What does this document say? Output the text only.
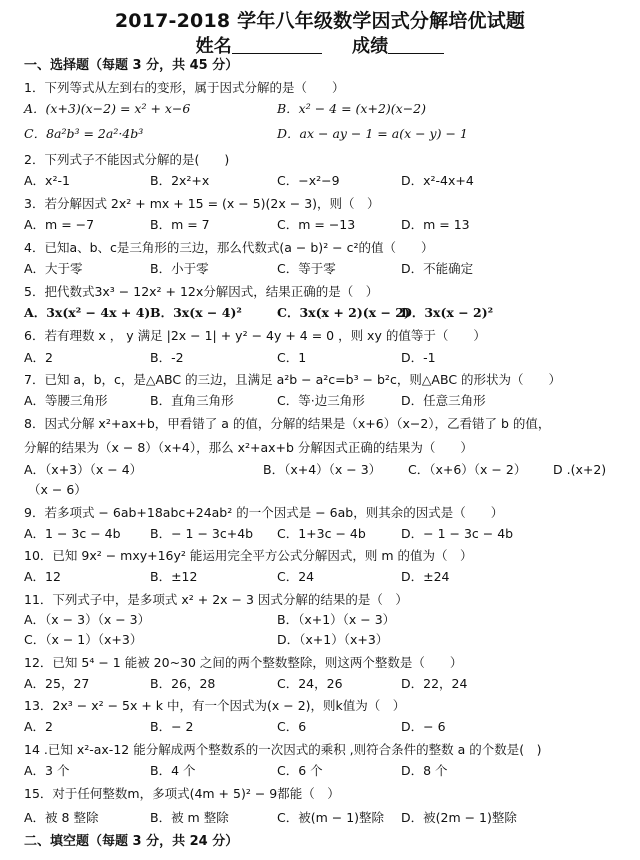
2017-2018 学年八年级数学因式分解培优试题
姓名	成绩
一、选择题（每题 3 分，共 45 分）
1．下列等式从左到右的变形，属于因式分解的是（　　）
A．(x+3)(x−2) = x² + x−6	B．x² − 4 = (x+2)(x−2)
C．8a²b³ = 2a²·4b³	D．ax − ay − 1 = a(x − y) − 1
2．下列式子不能因式分解的是(　　)
A．x²-1	B．2x²+x	C．−x²−9	D．x²-4x+4
3．若分解因式 2x² + mx + 15 = (x − 5)(2x − 3)，则（　）
A．m = −7	B．m = 7	C．m = −13	D．m = 13
4．已知a、b、c是三角形的三边，那么代数式(a − b)² − c²的值（　　）
A．大于零	B．小于零	C．等于零	D．不能确定
5．把代数式3x³ − 12x² + 12x分解因式，结果正确的是（　）
A．3x(x² − 4x + 4) B．3x(x − 4)²	C．3x(x + 2)(x − 2)
D．3x(x − 2)²
6．若有理数 x ， y 满足 |2x − 1| + y² − 4y + 4 = 0 ，则 xy 的值等于（　　）
A．2	B．-2	C．1	D．-1
7．已知 a，b，c，是△ABC 的三边，且满足 a²b − a²c=b³ − b²c，则△ABC 的形状为（　　）
A．等腰三角形	B．直角三角形	C．等·边三角形	D．任意三角形
8．因式分解 x²+ax+b，甲看错了 a 的值，分解的结果是（x+6）（x−2），乙看错了 b 的值，
分解的结果为（x − 8）（x+4），那么 x²+ax+b 分解因式正确的结果为（　　）
A．（x+3）（x − 4）	B．（x+4）（x − 3） C．（x+6）（x − 2） D .(x+2)
（x − 6）
9．若多项式 − 6ab+18abc+24ab² 的一个因式是 − 6ab，则其余的因式是（　　）
A．1 − 3c − 4b B．− 1 − 3c+4b C．1+3c − 4b	D．− 1 − 3c − 4b
10．已知 9x² − mxy+16y² 能运用完全平方公式分解因式，则 m 的值为（　）
A．12	B．±12	C．24	D．±24
11．下列式子中，是多项式 x² + 2x − 3 因式分解的结果的是（　）
A．（x − 3）（x − 3）	B．（x+1）（x − 3）
C．（x − 1）（x+3）	D．（x+1）（x+3）
12．已知 5⁴ − 1 能被 20~30 之间的两个整数整除，则这两个整数是（　　）
A．25，27	B．26，28	C．24，26	D．22，24
13．2x³ − x² − 5x + k 中，有一个因式为(x − 2)，则k值为（　）
A．2	B．− 2	C．6	D．− 6
14 .已知 x²-ax-12 能分解成两个整数系的一次因式的乘积 ,则符合条件的整数 a 的个数是(　)
A．3 个	B．4 个	C．6 个	D．8 个
15．对于任何整数m，多项式(4m + 5)² − 9都能（　）
A．被 8 整除	B．被 m 整除	C．被(m − 1)整除 D．被(2m − 1)整除
二、填空题（每题 3 分，共 24 分）
